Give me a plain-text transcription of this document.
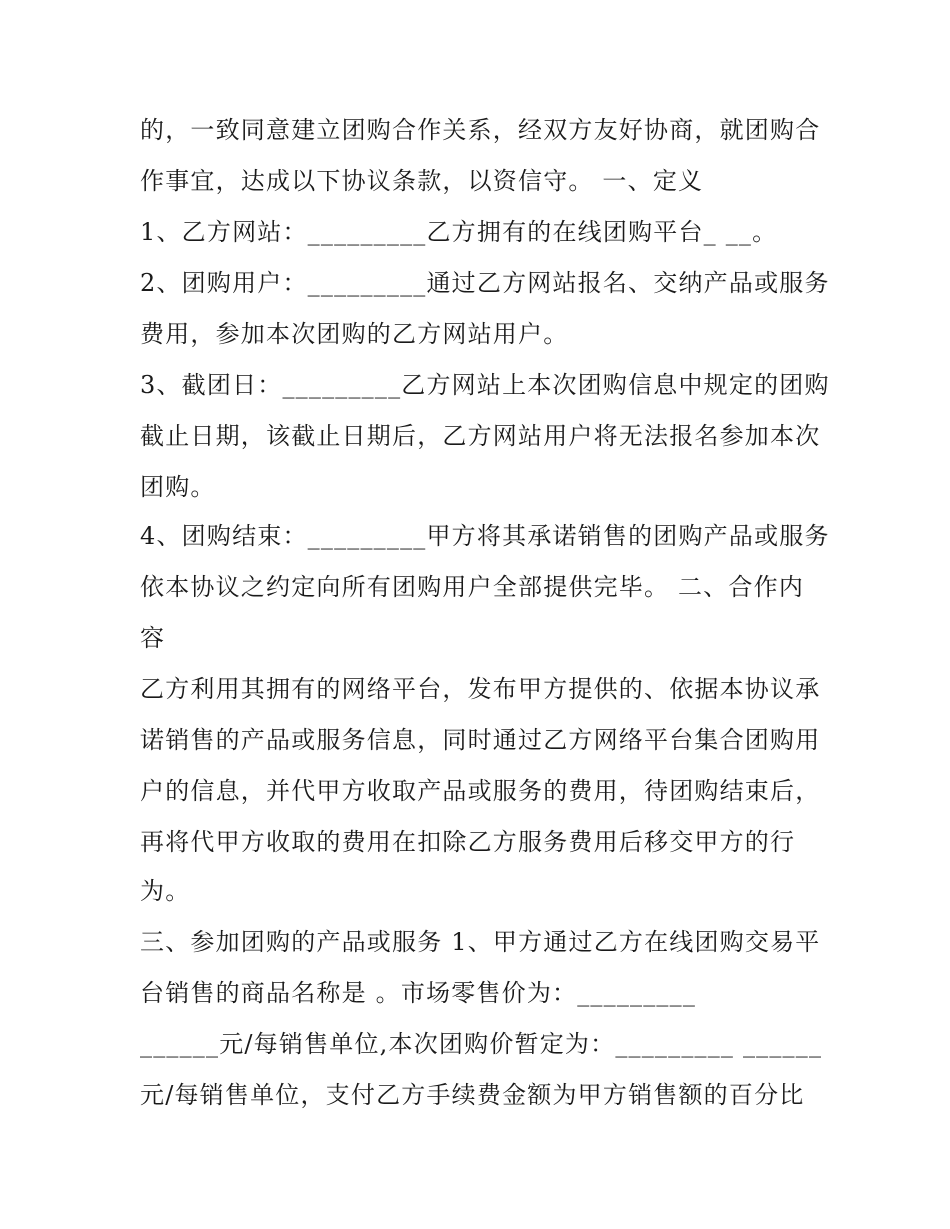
的，一致同意建立团购合作关系，经双方友好协商，就团购合
作事宜，达成以下协议条款，以资信守。 一、定义
1、乙方网站：_________乙方拥有的在线团购平台_ __。
2、团购用户：_________通过乙方网站报名、交纳产品或服务
费用，参加本次团购的乙方网站用户。
3、截团日：_________乙方网站上本次团购信息中规定的团购
截止日期，该截止日期后，乙方网站用户将无法报名参加本次
团购。
4、团购结束：_________甲方将其承诺销售的团购产品或服务
依本协议之约定向所有团购用户全部提供完毕。 二、合作内
容
乙方利用其拥有的网络平台，发布甲方提供的、依据本协议承
诺销售的产品或服务信息，同时通过乙方网络平台集合团购用
户的信息，并代甲方收取产品或服务的费用，待团购结束后，
再将代甲方收取的费用在扣除乙方服务费用后移交甲方的行
为。
三、参加团购的产品或服务 1、甲方通过乙方在线团购交易平
台销售的商品名称是 。市场零售价为：_________
______元/每销售单位,本次团购价暂定为：_________ ______
元/每销售单位，支付乙方手续费金额为甲方销售额的百分比
